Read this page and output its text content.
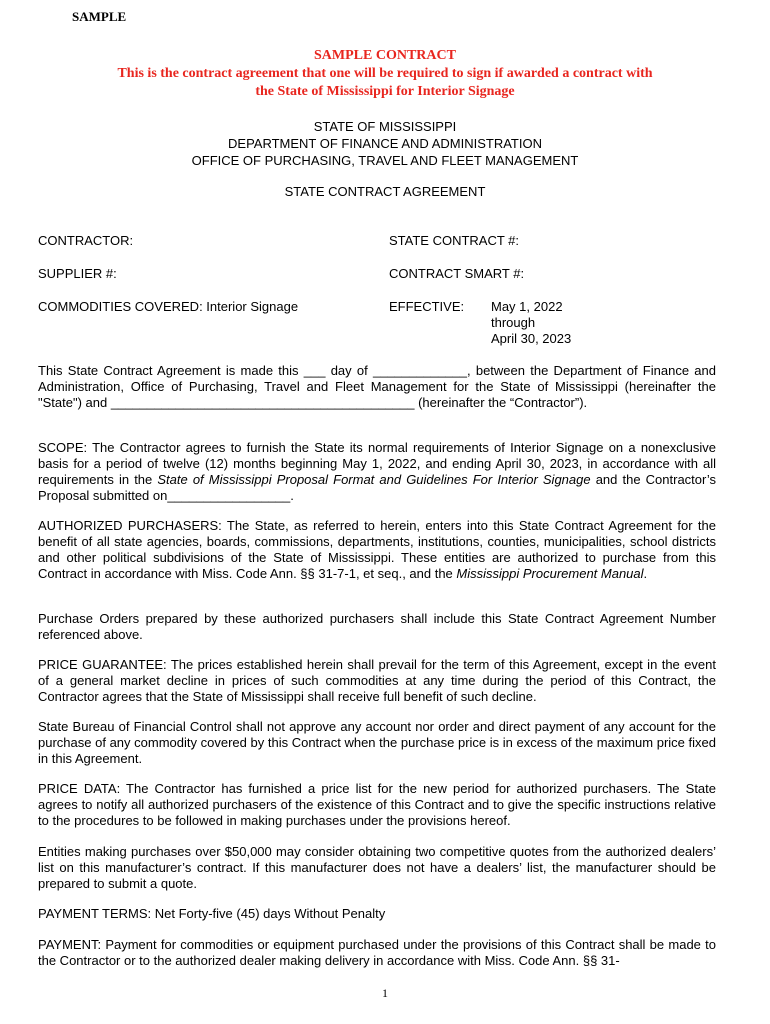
SAMPLE
SAMPLE CONTRACT
This is the contract agreement that one will be required to sign if awarded a contract with
the State of Mississippi for Interior Signage
STATE OF MISSISSIPPI
DEPARTMENT OF FINANCE AND ADMINISTRATION
OFFICE OF PURCHASING, TRAVEL AND FLEET MANAGEMENT
STATE CONTRACT AGREEMENT
CONTRACTOR:	STATE CONTRACT #:
SUPPLIER #:	CONTRACT SMART #:
COMMODITIES COVERED: Interior Signage	EFFECTIVE: May 1, 2022
through
April 30, 2023

This State Contract Agreement is made this ___ day of _____________, between the Department of Finance and Administration, Office of Purchasing, Travel and Fleet Management for the State of Mississippi (hereinafter the "State") and __________________________________________ (hereinafter the “Contractor”).

SCOPE: The Contractor agrees to furnish the State its normal requirements of Interior Signage on a nonexclusive basis for a period of twelve (12) months beginning May 1, 2022, and ending April 30, 2023, in accordance with all requirements in the State of Mississippi Proposal Format and Guidelines For Interior Signage and the Contractor’s Proposal submitted on_________________.

AUTHORIZED PURCHASERS: The State, as referred to herein, enters into this State Contract Agreement for the benefit of all state agencies, boards, commissions, departments, institutions, counties, municipalities, school districts and other political subdivisions of the State of Mississippi. These entities are authorized to purchase from this Contract in accordance with Miss. Code Ann. §§ 31-7-1, et seq., and the Mississippi Procurement Manual.

Purchase Orders prepared by these authorized purchasers shall include this State Contract Agreement Number referenced above.

PRICE GUARANTEE: The prices established herein shall prevail for the term of this Agreement, except in the event of a general market decline in prices of such commodities at any time during the period of this Contract, the Contractor agrees that the State of Mississippi shall receive full benefit of such decline.

State Bureau of Financial Control shall not approve any account nor order and direct payment of any account for the purchase of any commodity covered by this Contract when the purchase price is in excess of the maximum price fixed in this Agreement.

PRICE DATA: The Contractor has furnished a price list for the new period for authorized purchasers. The State agrees to notify all authorized purchasers of the existence of this Contract and to give the specific instructions relative to the procedures to be followed in making purchases under the provisions hereof.

Entities making purchases over $50,000 may consider obtaining two competitive quotes from the authorized dealers’ list on this manufacturer’s contract. If this manufacturer does not have a dealers’ list, the manufacturer should be prepared to submit a quote.

PAYMENT TERMS: Net Forty-five (45) days Without Penalty

PAYMENT: Payment for commodities or equipment purchased under the provisions of this Contract shall be made to the Contractor or to the authorized dealer making delivery in accordance with Miss. Code Ann. §§ 31-

1
